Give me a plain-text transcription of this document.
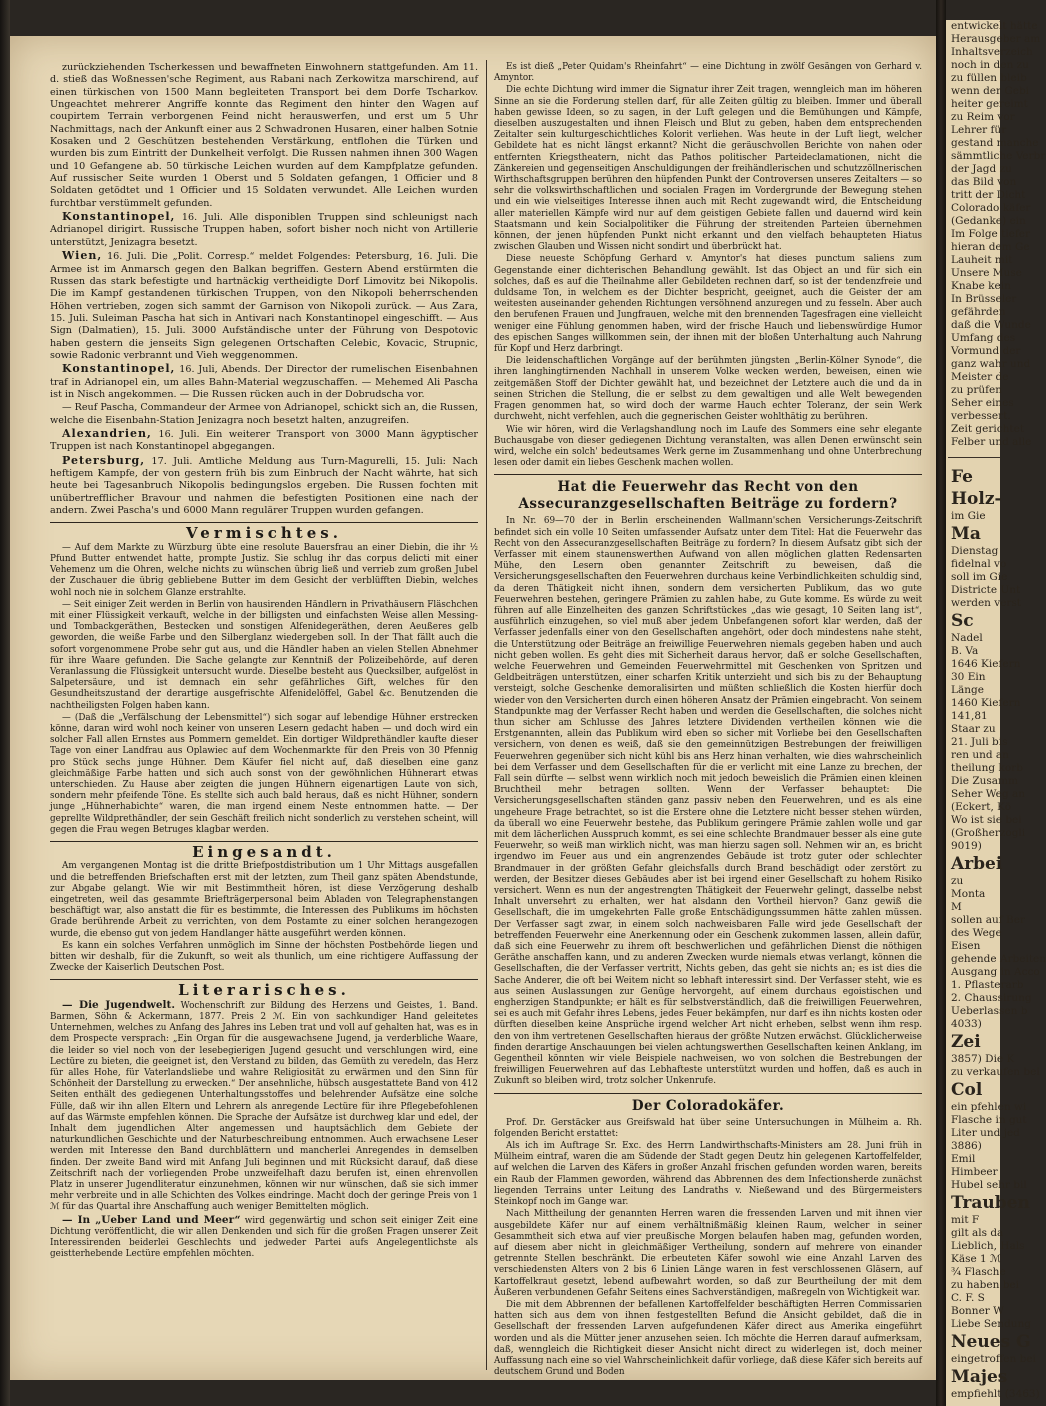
zurückziehenden Tscherkessen und bewaffneten Einwohnern stattgefunden. Am 11. d. stieß das Woßnessen'sche Regiment, aus Rabani nach Zerkowitza marschirend, auf einen türkischen von 1500 Mann begleiteten Transport bei dem Dorfe Tscharkov. Ungeachtet mehrerer Angriffe konnte das Regiment den hinter den Wagen auf coupirtem Terrain verborgenen Feind nicht herauswerfen, und erst um 5 Uhr Nachmittags, nach der Ankunft einer aus 2 Schwadronen Husaren, einer halben Sotnie Kosaken und 2 Geschützen bestehenden Verstärkung, entflohen die Türken und wurden bis zum Eintritt der Dunkelheit verfolgt. Die Russen nahmen ihnen 300 Wagen und 10 Gefangene ab. 50 türkische Leichen wurden auf dem Kampfplatze gefunden. Auf russischer Seite wurden 1 Oberst und 5 Soldaten gefangen, 1 Officier und 8 Soldaten getödtet und 1 Officier und 15 Soldaten verwundet. Alle Leichen wurden furchtbar verstümmelt gefunden.

Konstantinopel, 16. Juli. Alle disponiblen Truppen sind schleunigst nach Adrianopel dirigirt. Russische Truppen haben, sofort bisher noch nicht von Artillerie unterstützt, Jenizagra besetzt.

Wien, 16. Juli. Die „Polit. Corresp.“ meldet Folgendes: Petersburg, 16. Juli. Die Armee ist im Anmarsch gegen den Balkan begriffen. Gestern Abend erstürmten die Russen das stark befestigte und hartnäckig vertheidigte Dorf Limovitz bei Nikopolis. Die im Kampf gestandenen türkischen Truppen, von den Nikopoli beherrschenden Höhen vertrieben, zogen sich sammt der Garnison von Nikopoli zurück. — Aus Zara, 15. Juli. Suleiman Pascha hat sich in Antivari nach Konstantinopel eingeschifft. — Aus Sign (Dalmatien), 15. Juli. 3000 Aufständische unter der Führung von Despotovic haben gestern die jenseits Sign gelegenen Ortschaften Celebic, Kovacic, Strupnic, sowie Radonic verbrannt und Vieh weggenommen.

Konstantinopel, 16. Juli, Abends. Der Director der rumelischen Eisenbahnen traf in Adrianopel ein, um alles Bahn-Material wegzuschaffen. — Mehemed Ali Pascha ist in Nisch angekommen. — Die Russen rücken auch in der Dobrudscha vor.

— Reuf Pascha, Commandeur der Armee von Adrianopel, schickt sich an, die Russen, welche die Eisenbahn-Station Jenizagra noch besetzt halten, anzugreifen.

Alexandrien, 16. Juli. Ein weiterer Transport von 3000 Mann ägyptischer Truppen ist nach Konstantinopel abgegangen.

Petersburg, 17. Juli. Amtliche Meldung aus Turn-Magurelli, 15. Juli: Nach heftigem Kampfe, der von gestern früh bis zum Einbruch der Nacht währte, hat sich heute bei Tagesanbruch Nikopolis bedingungslos ergeben. Die Russen fochten mit unübertrefflicher Bravour und nahmen die befestigten Positionen eine nach der andern. Zwei Pascha's und 6000 Mann regulärer Truppen wurden gefangen.

Vermischtes.

— Auf dem Markte zu Würzburg übte eine resolute Bauersfrau an einer Diebin, die ihr ½ Pfund Butter entwendet hatte, prompte Justiz. Sie schlug ihr das corpus delicti mit einer Vehemenz um die Ohren, welche nichts zu wünschen übrig ließ und verrieb zum großen Jubel der Zuschauer die übrig gebliebene Butter im dem Gesicht der verblüfften Diebin, welches wohl noch nie in solchem Glanze erstrahlte.

— Seit einiger Zeit werden in Berlin von hausirenden Händlern in Privathäusern Fläschchen mit einer Flüssigkeit verkauft, welche in der billigsten und einfachsten Weise allen Messing- und Tombackgeräthen, Bestecken und sonstigen Alfenidegeräthen, deren Aeußeres gelb geworden, die weiße Farbe und den Silberglanz wiedergeben soll. In der That fällt auch die sofort vorgenommene Probe sehr gut aus, und die Händler haben an vielen Stellen Abnehmer für ihre Waare gefunden. Die Sache gelangte zur Kenntniß der Polizeibehörde, auf deren Veranlassung die Flüssigkeit untersucht wurde. Dieselbe besteht aus Quecksilber, aufgelöst in Salpetersäure, und ist demnach ein sehr gefährliches Gift, welches für den Gesundheitszustand der derartige ausgefrischte Alfenidelöffel, Gabel &c. Benutzenden die nachtheiligsten Folgen haben kann.

— (Daß die „Verfälschung der Lebensmittel“) sich sogar auf lebendige Hühner erstrecken könne, daran wird wohl noch keiner von unseren Lesern gedacht haben — und doch wird ein solcher Fall allen Ernstes aus Pommern gemeldet. Ein dortiger Wildprethändler kaufte dieser Tage von einer Landfrau aus Oplawiec auf dem Wochenmarkte für den Preis von 30 Pfennig pro Stück sechs junge Hühner. Dem Käufer fiel nicht auf, daß dieselben eine ganz gleichmäßige Farbe hatten und sich auch sonst von der gewöhnlichen Hühnerart etwas unterschieden. Zu Hause aber zeigten die jungen Hühnern eigenartigen Laute von sich, sondern mehr pfeifende Töne. Es stellte sich auch bald heraus, daß es nicht Hühner, sondern junge „Hühnerhabichte“ waren, die man irgend einem Neste entnommen hatte. — Der geprellte Wildprethändler, der sein Geschäft freilich nicht sonderlich zu verstehen scheint, will gegen die Frau wegen Betruges klagbar werden.

Eingesandt.

Am vergangenen Montag ist die dritte Briefpostdistribution um 1 Uhr Mittags ausgefallen und die betreffenden Briefschaften erst mit der letzten, zum Theil ganz späten Abendstunde, zur Abgabe gelangt. Wie wir mit Bestimmtheit hören, ist diese Verzögerung deshalb eingetreten, weil das gesammte Briefträgerpersonal beim Abladen von Telegraphenstangen beschäftigt war, also anstatt die für es bestimmte, die Interessen des Publikums im höchsten Grade berührende Arbeit zu verrichten, von dem Postamte zu einer solchen herangezogen wurde, die ebenso gut von jedem Handlanger hätte ausgeführt werden können.

Es kann ein solches Verfahren unmöglich im Sinne der höchsten Postbehörde liegen und bitten wir deshalb, für die Zukunft, so weit als thunlich, um eine richtigere Auffassung der Zwecke der Kaiserlich Deutschen Post.

Literarisches.

— Die Jugendwelt. Wochenschrift zur Bildung des Herzens und Geistes, 1. Band. Barmen, Söhn & Ackermann, 1877. Preis 2 ℳ. Ein von sachkundiger Hand geleitetes Unternehmen, welches zu Anfang des Jahres ins Leben trat und voll auf gehalten hat, was es in dem Prospecte versprach: „Ein Organ für die ausgewachsene Jugend, ja verderbliche Waare, die leider so viel noch von der lesebegierigen Jugend gesucht und verschlungen wird, eine Lectüre zu bieten, die geeignet ist, den Verstand zu bilden, das Gemüth zu veredeln, das Herz für alles Hohe, für Vaterlandsliebe und wahre Religiosität zu erwärmen und den Sinn für Schönheit der Darstellung zu erwecken.“ Der ansehnliche, hübsch ausgestattete Band von 412 Seiten enthält des gediegenen Unterhaltungsstoffes und belehrender Aufsätze eine solche Fülle, daß wir ihn allen Eltern und Lehrern als anregende Lectüre für ihre Pflegebefohlenen auf das Wärmste empfehlen können. Die Sprache der Aufsätze ist durchweg klar und edel, der Inhalt dem jugendlichen Alter angemessen und hauptsächlich dem Gebiete der naturkundlichen Geschichte und der Naturbeschreibung entnommen. Auch erwachsene Leser werden mit Interesse den Band durchblättern und mancherlei Anregendes in demselben finden. Der zweite Band wird mit Anfang Juli beginnen und mit Rücksicht darauf, daß diese Zeitschrift nach der vorliegenden Probe unzweifelhaft dazu berufen ist, einen ehrenvollen Platz in unserer Jugendliteratur einzunehmen, können wir nur wünschen, daß sie sich immer mehr verbreite und in alle Schichten des Volkes eindringe. Macht doch der geringe Preis von 1 ℳ für das Quartal ihre Anschaffung auch weniger Bemittelten möglich.

— In „Ueber Land und Meer“ wird gegenwärtig und schon seit einiger Zeit eine Dichtung veröffentlicht, die wir allen Denkenden und sich für die großen Fragen unserer Zeit Interessirenden beiderlei Geschlechts und jedweder Partei aufs Angelegentlichste als geistterhebende Lectüre empfehlen möchten.

Es ist dieß „Peter Quidam's Rheinfahrt“ — eine Dichtung in zwölf Gesängen von Gerhard v. Amyntor.

Die echte Dichtung wird immer die Signatur ihrer Zeit tragen, wenngleich man im höheren Sinne an sie die Forderung stellen darf, für alle Zeiten gültig zu bleiben. Immer und überall haben gewisse Ideen, so zu sagen, in der Luft gelegen und die Bemühungen und Kämpfe, dieselben auszugestalten und ihnen Fleisch und Blut zu geben, haben dem entsprechenden Zeitalter sein kulturgeschichtliches Kolorit verliehen. Was heute in der Luft liegt, welcher Gebildete hat es nicht längst erkannt? Nicht die geräuschvollen Berichte von nahen oder entfernten Kriegstheatern, nicht das Pathos politischer Parteideclamationen, nicht die Zänkereien und gegenseitigen Anschuldigungen der freihändlerischen und schutzzöllnerischen Wirthschaftsgruppen berühren den hüpfenden Punkt der Controversen unseres Zeitalters — so sehr die volkswirthschaftlichen und socialen Fragen im Vordergrunde der Bewegung stehen und ein wie vielseitiges Interesse ihnen auch mit Recht zugewandt wird, die Entscheidung aller materiellen Kämpfe wird nur auf dem geistigen Gebiete fallen und dauernd wird kein Staatsmann und kein Socialpolitiker die Führung der streitenden Parteien übernehmen können, der jenen hüpfenden Punkt nicht erkannt und den vielfach behaupteten Hiatus zwischen Glauben und Wissen nicht sondirt und überbrückt hat.

Diese neueste Schöpfung Gerhard v. Amyntor's hat dieses punctum saliens zum Gegenstande einer dichterischen Behandlung gewählt. Ist das Object an und für sich ein solches, daß es auf die Theilnahme aller Gebildeten rechnen darf, so ist der tendenzfreie und duldsame Ton, in welchem es der Dichter bespricht, geeignet, auch die Geister der am weitesten auseinander gehenden Richtungen versöhnend anzuregen und zu fesseln. Aber auch den berufenen Frauen und Jungfrauen, welche mit den brennenden Tagesfragen eine vielleicht weniger eine Fühlung genommen haben, wird der frische Hauch und liebenswürdige Humor des epischen Sanges willkommen sein, der ihnen mit der bloßen Unterhaltung auch Nahrung für Kopf und Herz darbringt.

Die leidenschaftlichen Vorgänge auf der berühmten jüngsten „Berlin-Kölner Synode“, die ihren langhingtirnenden Nachhall in unserem Volke wecken werden, beweisen, einen wie zeitgemäßen Stoff der Dichter gewählt hat, und bezeichnet der Letztere auch die und da in seinen Strichen die Stellung, die er selbst zu dem gewaltigen und alle Welt bewegenden Fragen genommen hat, so wird doch der warme Hauch echter Toleranz, der sein Werk durchweht, nicht verfehlen, auch die gegnerischen Geister wohlthätig zu berühren.

Wie wir hören, wird die Verlagshandlung noch im Laufe des Sommers eine sehr elegante Buchausgabe von dieser gediegenen Dichtung veranstalten, was allen Denen erwünscht sein wird, welche ein solch' bedeutsames Werk gerne im Zusammenhang und ohne Unterbrechung lesen oder damit ein liebes Geschenk machen wollen.

Hat die Feuerwehr das Recht von den Assecuranzgesellschaften Beiträge zu fordern?

In Nr. 69—70 der in Berlin erscheinenden Wallmann'schen Versicherungs-Zeitschrift befindet sich ein volle 10 Seiten umfassender Aufsatz unter dem Titel: Hat die Feuerwehr das Recht von den Assecuranzgesellschaften Beiträge zu fordern? In diesem Aufsatz gibt sich der Verfasser mit einem staunenswerthen Aufwand von allen möglichen glatten Redensarten Mühe, den Lesern oben genannter Zeitschrift zu beweisen, daß die Versicherungsgesellschaften den Feuerwehren durchaus keine Verbindlichkeiten schuldig sind, da deren Thätigkeit nicht ihnen, sondern dem versicherten Publikum, das wo gute Feuerwehren bestehen, geringere Prämien zu zahlen habe, zu Gute komme. Es würde zu weit führen auf alle Einzelheiten des ganzen Schriftstückes „das wie gesagt, 10 Seiten lang ist“, ausführlich einzugehen, so viel muß aber jedem Unbefangenen sofort klar werden, daß der Verfasser jedenfalls einer von den Gesellschaften angehört, oder doch mindestens nahe steht, die Unterstützung oder Beiträge an freiwillige Feuerwehren niemals gegeben haben und auch nicht geben wollen. Es geht dies mit Sicherheit daraus hervor, daß er solche Gesellschaften, welche Feuerwehren und Gemeinden Feuerwehrmittel mit Geschenken von Spritzen und Geldbeiträgen unterstützen, einer scharfen Kritik unterzieht und sich bis zu der Behauptung versteigt, solche Geschenke demoralisirten und müßten schließlich die Kosten hierfür doch wieder von den Versicherten durch einen höheren Ansatz der Prämien eingebracht. Von seinem Standpunkte mag der Verfasser Recht haben und werden die Gesellschaften, die solches nicht thun sicher am Schlusse des Jahres letztere Dividenden vertheilen können wie die Erstgenannten, allein das Publikum wird eben so sicher mit Vorliebe bei den Gesellschaften versichern, von denen es weiß, daß sie den gemeinnützigen Bestrebungen der freiwilligen Feuerwehren gegenüber sich nicht kühl bis ans Herz hinan verhalten, wie dies wahrscheinlich bei dem Verfasser und dem Gesellschaften für die er verlicht mit eine Lanze zu brechen, der Fall sein dürfte — selbst wenn wirklich noch mit jedoch beweislich die Prämien einen kleinen Bruchtheil mehr betragen sollten. Wenn der Verfasser behauptet: Die Versicherungsgesellschaften ständen ganz passiv neben den Feuerwehren, und es als eine ungeheure Frage betrachtet, so ist die Erstere ohne die Letztere nicht besser stehen würden, da überall wo eine Feuerwehr bestehe, das Publikum geringere Prämie zahlen wolle und gar mit dem lächerlichen Ausspruch kommt, es sei eine schlechte Brandmauer besser als eine gute Feuerwehr, so weiß man wirklich nicht, was man hierzu sagen soll. Nehmen wir an, es bricht irgendwo im Feuer aus und ein angrenzendes Gebäude ist trotz guter oder schlechter Brandmauer in der größten Gefahr gleichsfalls durch Brand beschädigt oder zerstört zu werden, der Besitzer dieses Gebäudes aber ist bei irgend einer Gesellschaft zu hohem Risiko versichert. Wenn es nun der angestrengten Thätigkeit der Feuerwehr gelingt, dasselbe nebst Inhalt unversehrt zu erhalten, wer hat alsdann den Vortheil hiervon? Ganz gewiß die Gesellschaft, die im umgekehrten Falle große Entschädigungssummen hätte zahlen müssen. Der Verfasser sagt zwar, in einem solch nachweisbaren Falle wird jede Gesellschaft der betreffenden Feuerwehr eine Anerkennung oder ein Geschenk zukommen lassen, allein dafür, daß sich eine Feuerwehr zu ihrem oft beschwerlichen und gefährlichen Dienst die nöthigen Geräthe anschaffen kann, und zu anderen Zwecken wurde niemals etwas verlangt, können die Gesellschaften, die der Verfasser vertritt, Nichts geben, das geht sie nichts an; es ist dies die Sache Anderer, die oft bei Weitem nicht so lebhaft interessirt sind. Der Verfasser steht, wie es aus seinen Auslassungen zur Genüge hervorgeht, auf einem durchaus egoistischen und engherzigen Standpunkte; er hält es für selbstverständlich, daß die freiwilligen Feuerwehren, sei es auch mit Gefahr ihres Lebens, jedes Feuer bekämpfen, nur darf es ihn nichts kosten oder dürften dieselben keine Ansprüche irgend welcher Art nicht erheben, selbst wenn ihm resp. den von ihm vertretenen Gesellschaften hieraus der größte Nutzen erwächst. Glücklicherweise finden derartige Anschauungen bei vielen achtungswerthen Gesellschaften keinen Anklang, im Gegentheil könnten wir viele Beispiele nachweisen, wo von solchen die Bestrebungen der freiwilligen Feuerwehren auf das Lebhafteste unterstützt wurden und hoffen, daß es auch in Zukunft so bleiben wird, trotz solcher Unkenrufe.

Der Coloradokäfer.

Prof. Dr. Gerstäcker aus Greifswald hat über seine Untersuchungen in Mülheim a. Rh. folgenden Bericht erstattet:

Als ich im Auftrage Sr. Exc. des Herrn Landwirthschafts-Ministers am 28. Juni früh in Mülheim eintraf, waren die am Südende der Stadt gegen Deutz hin gelegenen Kartoffelfelder, auf welchen die Larven des Käfers in großer Anzahl frischen gefunden worden waren, bereits ein Raub der Flammen geworden, während das Abbrennen des dem Infectionsherde zunächst liegenden Terrains unter Leitung des Landraths v. Nießewand und des Bürgermeisters Steinkopf noch im Gange war.

Nach Mittheilung der genannten Herren waren die fressenden Larven und mit ihnen vier ausgebildete Käfer nur auf einem verhältnißmäßig kleinen Raum, welcher in seiner Gesammtheit sich etwa auf vier preußische Morgen belaufen haben mag, gefunden worden, auf diesem aber nicht in gleichmäßiger Vertheilung, sondern auf mehrere von einander getrennte Stellen beschränkt. Die erbeuteten Käfer sowohl wie eine Anzahl Larven des verschiedensten Alters von 2 bis 6 Linien Länge waren in fest verschlossenen Gläsern, auf Kartoffelkraut gesetzt, lebend aufbewahrt worden, so daß zur Beurtheilung der mit dem Äußeren verbundenen Gefahr Seitens eines Sachverständigen, maßregeln von Wichtigkeit war.

Die mit dem Abbrennen der befallenen Kartoffelfelder beschäftigten Herren Commissarien hatten sich aus dem von ihnen festgestellten Befund die Ansicht gebildet, daß die in Gesellschaft der fressenden Larven aufgefundenen Käfer direct aus Amerika eingeführt worden und als die Mütter jener anzusehen seien. Ich möchte die Herren darauf aufmerksam, daß, wenngleich die Richtigkeit dieser Ansicht nicht direct zu widerlegen ist, doch meiner Auffassung nach eine so viel Wahrscheinlichkeit dafür vorliege, daß diese Käfer sich bereits auf deutschem Grund und Boden

entwickelt hätte
Herausgeber am
Inhaltsverzeich
noch in den zu
zu füllen bleib
wenn der Gebi
heiter gereimt
zu Reim vor
Lehrer für
gestand manche
sämmtliche Verbr
der Jagd zu
das Bild von
tritt der Dicht
Colorado käfer
(Gedanke) ein
Im Folge tiefer
hieran dem Ge
Lauheit mit
Unsere Muse
Knabe kein
In Brüsseler
gefährden
daß die Wunde
Umfang des
Vormund der
ganz wahr und
Meister de
zu prüfen
Seher eines
verbessert.
Zeit gerichtet
Felber und alle
Fe
Holz-
im Gie
Ma
Dienstag
fidelnal vo
soll im Gie
Districte Unt
werden verst
Sc
Nadel
B. Va
1646 Kiefern
30 Ein
Länge
1460 Kiefern
141,81
Staar zu
21. Juli bis
ren und an
theilung korb
Die Zusamm
Seher Weg an
(Eckert, Kö
Wo ist sie bei
(Großherzogli
9019)
Arbei
zu
Monta
M
sollen auf Ber
des Wege
Eisen
gehende Arbeiten
Ausgang in Acco
1. Pflasterarb
2. Chaussirung
Ueberlassen b
4033)
Zei
3857) Die K
zu verkaufen bei
Col
ein pfehlen wi
Flasche in gut
Liter und jed
3886)
Emil
Himbeer
Hubel sehr bil
Trauben
mit F
gilt als da
Lieblich, Hals
Käse 1 ℳ
¾ Flasche
zu haben bei
C. F. S
Bonner W
Liebe Sendung
Neues G
eingetroffen bei
Majes
empfiehlt (3463)
